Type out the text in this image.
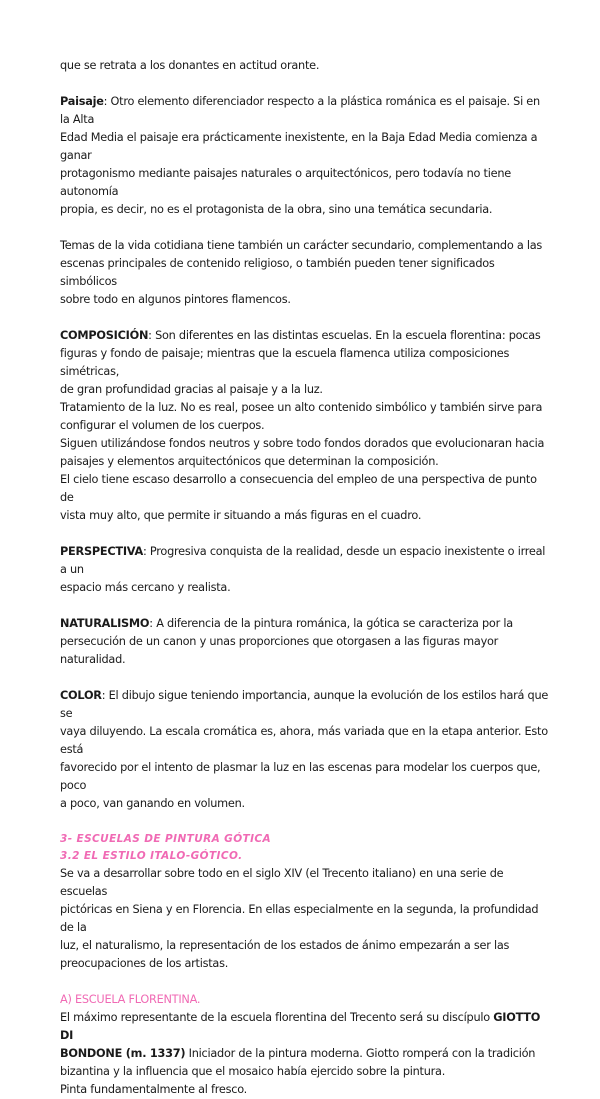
que se retrata a los donantes en actitud orante.

Paisaje: Otro elemento diferenciador respecto a la plástica románica es el paisaje. Si en la Alta

Edad Media el paisaje era prácticamente inexistente, en la Baja Edad Media comienza a ganar

protagonismo mediante paisajes naturales o arquitectónicos, pero todavía no tiene autonomía

propia, es decir, no es el protagonista de la obra, sino una temática secundaria.

Temas de la vida cotidiana tiene también un carácter secundario, complementando a las

escenas principales de contenido religioso, o también pueden tener significados simbólicos

sobre todo en algunos pintores flamencos.

COMPOSICIÓN: Son diferentes en las distintas escuelas. En la escuela florentina: pocas

figuras y fondo de paisaje; mientras que la escuela flamenca utiliza composiciones simétricas,

de gran profundidad gracias al paisaje y a la luz.

Tratamiento de la luz. No es real, posee un alto contenido simbólico y también sirve para

configurar el volumen de los cuerpos.

Siguen utilizándose fondos neutros y sobre todo fondos dorados que evolucionaran hacia

paisajes y elementos arquitectónicos que determinan la composición.

El cielo tiene escaso desarrollo a consecuencia del empleo de una perspectiva de punto de

vista muy alto, que permite ir situando a más figuras en el cuadro.

PERSPECTIVA: Progresiva conquista de la realidad, desde un espacio inexistente o irreal a un

espacio más cercano y realista.

NATURALISMO: A diferencia de la pintura románica, la gótica se caracteriza por la

persecución de un canon y unas proporciones que otorgasen a las figuras mayor naturalidad.

COLOR: El dibujo sigue teniendo importancia, aunque la evolución de los estilos hará que se

vaya diluyendo. La escala cromática es, ahora, más variada que en la etapa anterior. Esto está

favorecido por el intento de plasmar la luz en las escenas para modelar los cuerpos que, poco

a poco, van ganando en volumen.

3- ESCUELAS DE PINTURA GÓTICA

3.2 EL ESTILO ITALO-GÓTICO.

Se va a desarrollar sobre todo en el siglo XIV (el Trecento italiano) en una serie de escuelas

pictóricas en Siena y en Florencia. En ellas especialmente en la segunda, la profundidad de la

luz, el naturalismo, la representación de los estados de ánimo empezarán a ser las

preocupaciones de los artistas.

A) ESCUELA FLORENTINA.

El máximo representante de la escuela florentina del Trecento será su discípulo GIOTTO DI

BONDONE (m. 1337) Iniciador de la pintura moderna. Giotto romperá con la tradición

bizantina y la influencia que el mosaico había ejercido sobre la pintura.

Pinta fundamentalmente al fresco.
